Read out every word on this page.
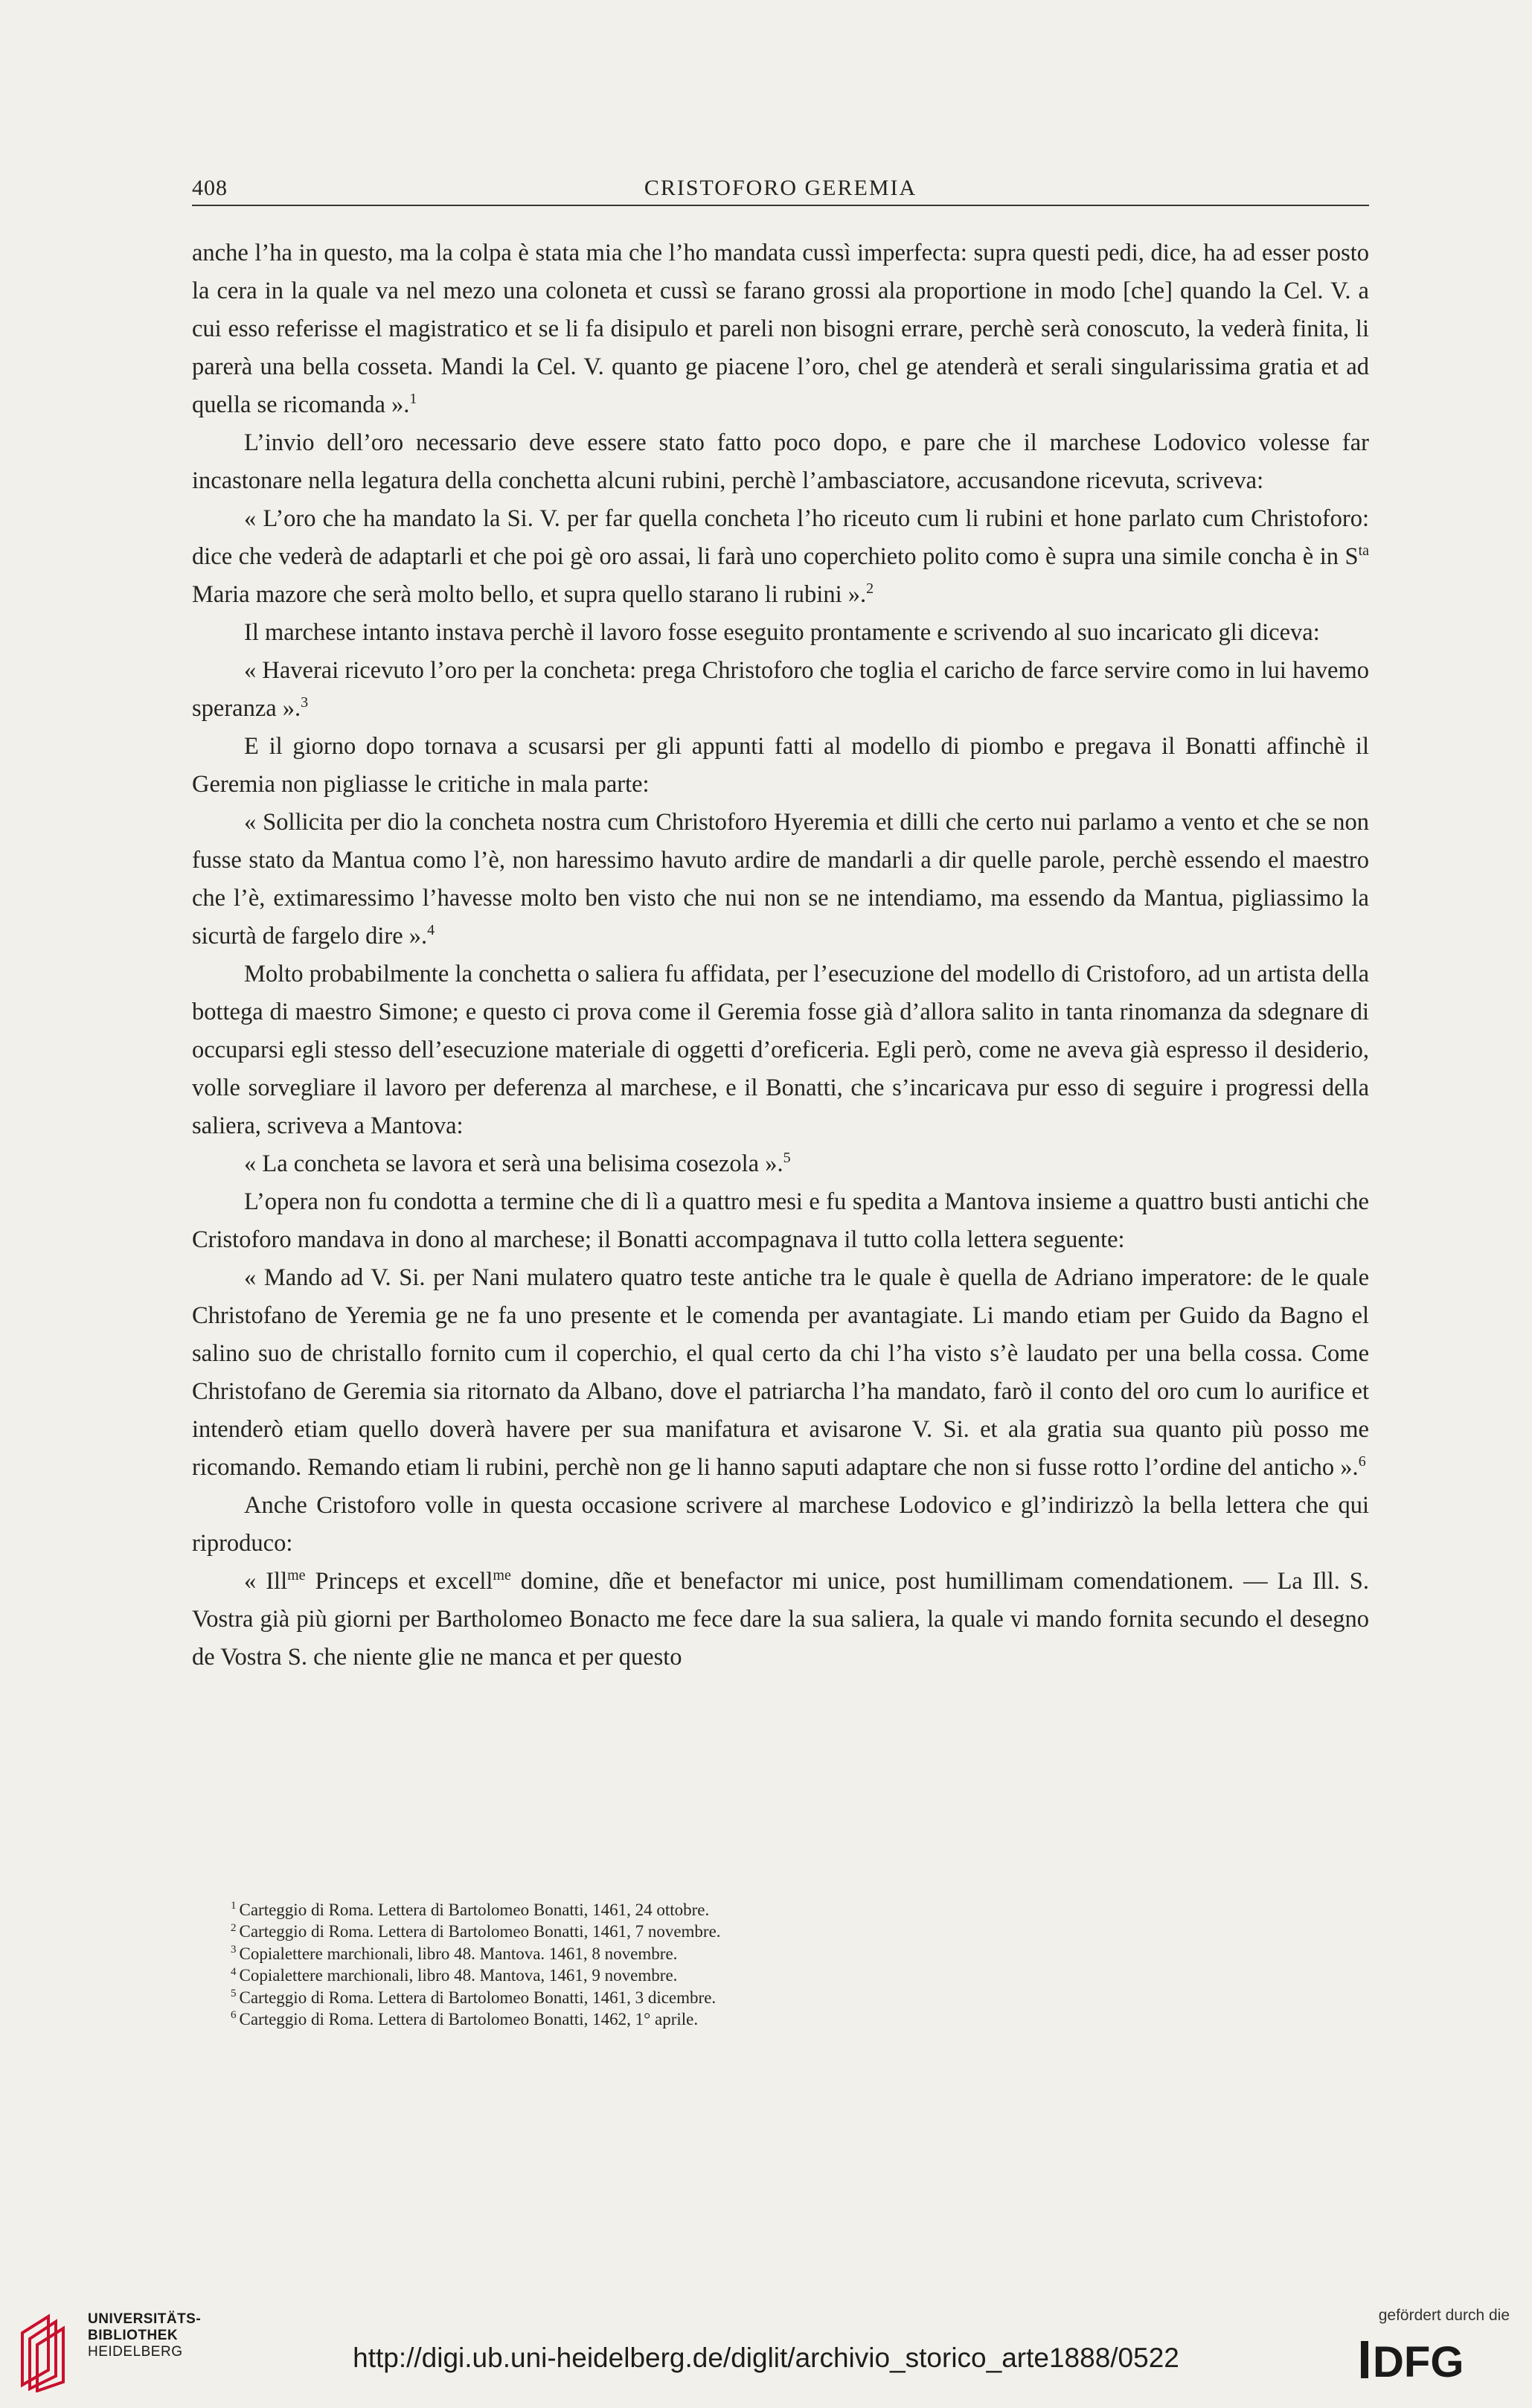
408	CRISTOFORO GEREMIA

anche l’ha in questo, ma la colpa è stata mia che l’ho mandata cussì imperfecta: supra questi pedi, dice, ha ad esser posto la cera in la quale va nel mezo una coloneta et cussì se farano grossi ala proportione in modo [che] quando la Cel. V. a cui esso referisse el magistratico et se li fa disipulo et pareli non bisogni errare, perchè serà conoscuto, la vederà finita, li parerà una bella cosseta. Mandi la Cel. V. quanto ge piacene l’oro, chel ge atenderà et serali singularissima gratia et ad quella se ricomanda ».$^1$

L’invio dell’oro necessario deve essere stato fatto poco dopo, e pare che il marchese Lodovico volesse far incastonare nella legatura della conchetta alcuni rubini, perchè l’ambasciatore, accusandone ricevuta, scriveva:

« L’oro che ha mandato la Si. V. per far quella concheta l’ho riceuto cum li rubini et hone parlato cum Christoforo: dice che vederà de adaptarli et che poi gè oro assai, li farà uno coperchieto polito como è supra una simile concha è in $S^{ta}$ Maria mazore che serà molto bello, et supra quello starano li rubini ».$^2$

Il marchese intanto instava perchè il lavoro fosse eseguito prontamente e scrivendo al suo incaricato gli diceva:

« Haverai ricevuto l’oro per la concheta: prega Christoforo che toglia el caricho de farce servire como in lui havemo speranza ».$^3$

E il giorno dopo tornava a scusarsi per gli appunti fatti al modello di piombo e pregava il Bonatti affinchè il Geremia non pigliasse le critiche in mala parte:

« Sollicita per dio la concheta nostra cum Christoforo Hyeremia et dilli che certo nui parlamo a vento et che se non fusse stato da Mantua como l’è, non haressimo havuto ardire de mandarli a dir quelle parole, perchè essendo el maestro che l’è, extimaressimo l’havesse molto ben visto che nui non se ne intendiamo, ma essendo da Mantua, pigliassimo la sicurtà de fargelo dire ».$^4$

Molto probabilmente la conchetta o saliera fu affidata, per l’esecuzione del modello di Cristoforo, ad un artista della bottega di maestro Simone; e questo ci prova come il Geremia fosse già d’allora salito in tanta rinomanza da sdegnare di occuparsi egli stesso dell’esecuzione materiale di oggetti d’oreficeria. Egli però, come ne aveva già espresso il desiderio, volle sorvegliare il lavoro per deferenza al marchese, e il Bonatti, che s’incaricava pur esso di seguire i progressi della saliera, scriveva a Mantova:

« La concheta se lavora et serà una belisima cosezola ».$^5$

L’opera non fu condotta a termine che di lì a quattro mesi e fu spedita a Mantova insieme a quattro busti antichi che Cristoforo mandava in dono al marchese; il Bonatti accompagnava il tutto colla lettera seguente:

« Mando ad V. Si. per Nani mulatero quatro teste antiche tra le quale è quella de Adriano imperatore: de le quale Christofano de Yeremia ge ne fa uno presente et le comenda per avantagiate. Li mando etiam per Guido da Bagno el salino suo de christallo fornito cum il coperchio, el qual certo da chi l’ha visto s’è laudato per una bella cossa. Come Christofano de Geremia sia ritornato da Albano, dove el patriarcha l’ha mandato, farò il conto del oro cum lo aurifice et intenderò etiam quello doverà havere per sua manifatura et avisarone V. Si. et ala gratia sua quanto più posso me ricomando. Remando etiam li rubini, perchè non ge li hanno saputi adaptare che non si fusse rotto l’ordine del anticho ».$^6$

Anche Cristoforo volle in questa occasione scrivere al marchese Lodovico e gl’indirizzò la bella lettera che qui riproduco:

« Ill$^{me}$ Princeps et excell$^{me}$ domine, dñe et benefactor mi unice, post humillimam comendationem. — La Ill. S. Vostra già più giorni per Bartholomeo Bonacto me fece dare la sua saliera, la quale vi mando fornita secundo el desegno de Vostra S. che niente glie ne manca et per questo

$^1$ Carteggio di Roma. Lettera di Bartolomeo Bonatti, 1461, 24 ottobre.
$^2$ Carteggio di Roma. Lettera di Bartolomeo Bonatti, 1461, 7 novembre.
$^3$ Copialettere marchionali, libro 48. Mantova. 1461, 8 novembre.
$^4$ Copialettere marchionali, libro 48. Mantova, 1461, 9 novembre.
$^5$ Carteggio di Roma. Lettera di Bartolomeo Bonatti, 1461, 3 dicembre.
$^6$ Carteggio di Roma. Lettera di Bartolomeo Bonatti, 1462, 1° aprile.
UNIVERSITÄTS-
BIBLIOTHEK
HEIDELBERG	http://digi.ub.uni-heidelberg.de/diglit/archivio_storico_arte1888/0522
gefördert durch die
DFG
